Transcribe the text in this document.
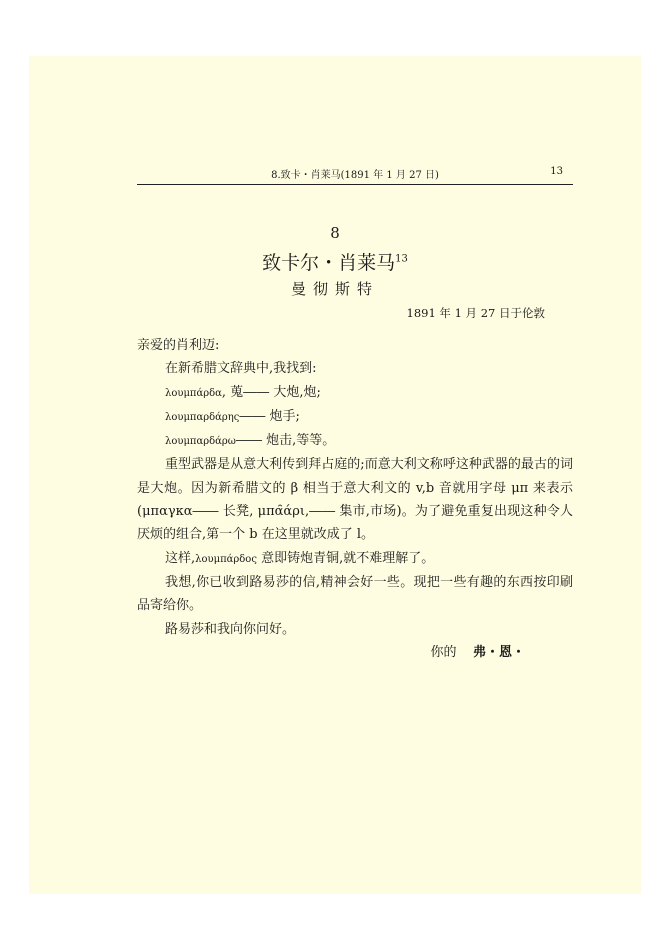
8.致卡・肖莱马(1891 年 1 月 27 日)	13
8
致卡尔・肖莱马$^{13}$
曼彻斯特
1891 年 1 月 27 日于伦敦

亲爱的肖利迈:

在新希腊文辞典中,我找到:

λουμπάρδα, 蒐―― 大炮,炮;

λουμπαρδάρης―― 炮手;

λουμπαρδάρω―― 炮击,等等。

重型武器是从意大利传到拜占庭的;而意大利文称呼这种武器的最古的词是大炮。因为新希腊文的 β 相当于意大利文的 v,b 音就用字母 μπ 来表示 (μπαγκα―― 长凳, μπα̑άρι,―― 集市,市场)。为了避免重复出现这种令人厌烦的组合,第一个 b 在这里就改成了 l。

这样,λουμπάρδος 意即铸炮青铜,就不难理解了。

我想,你已收到路易莎的信,精神会好一些。现把一些有趣的东西按印刷品寄给你。

路易莎和我向你问好。

你的 弗・恩・
